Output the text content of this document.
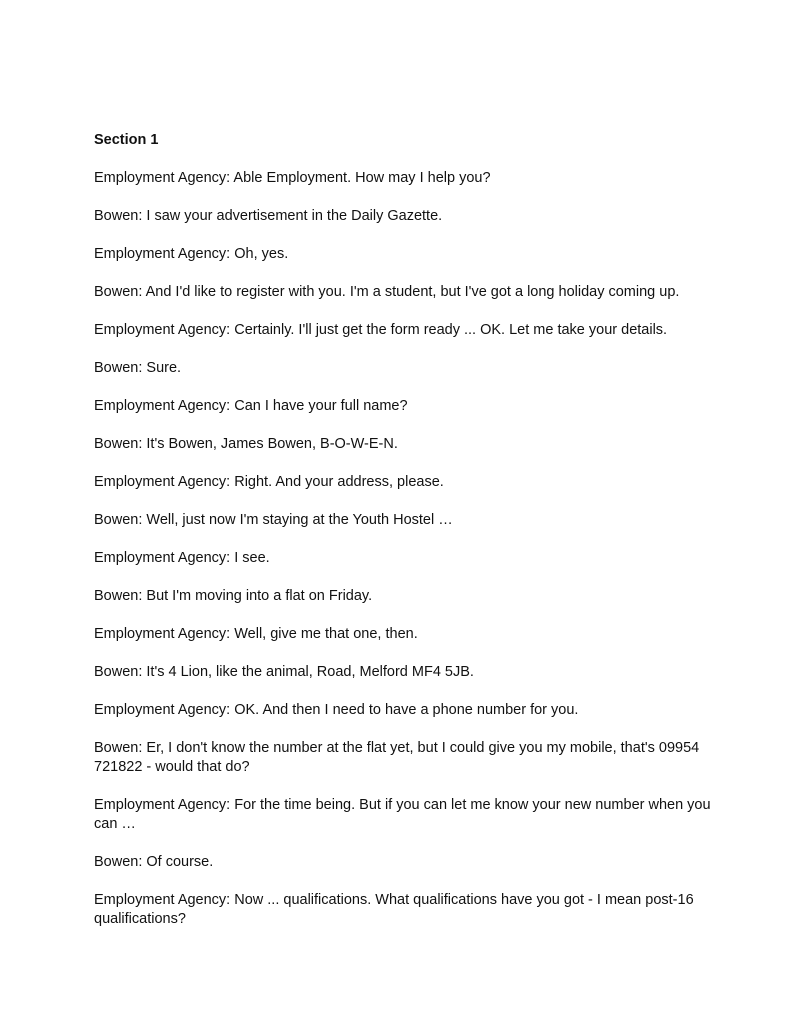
Section 1

Employment Agency: Able Employment. How may I help you?

Bowen: I saw your advertisement in the Daily Gazette.

Employment Agency: Oh, yes.

Bowen: And I'd like to register with you. I'm a student, but I've got a long holiday coming up.

Employment Agency: Certainly. I'll just get the form ready ... OK. Let me take your details.

Bowen: Sure.

Employment Agency: Can I have your full name?

Bowen: It's Bowen, James Bowen, B-O-W-E-N.

Employment Agency: Right. And your address, please.

Bowen: Well, just now I'm staying at the Youth Hostel …

Employment Agency: I see.

Bowen: But I'm moving into a flat on Friday.

Employment Agency: Well, give me that one, then.

Bowen: It's 4 Lion, like the animal, Road, Melford MF4 5JB.

Employment Agency: OK. And then I need to have a phone number for you.

Bowen: Er, I don't know the number at the flat yet, but I could give you my mobile, that's 09954 721822 - would that do?

Employment Agency: For the time being. But if you can let me know your new number when you can …

Bowen: Of course.

Employment Agency: Now ... qualifications. What qualifications have you got - I mean post-16 qualifications?
